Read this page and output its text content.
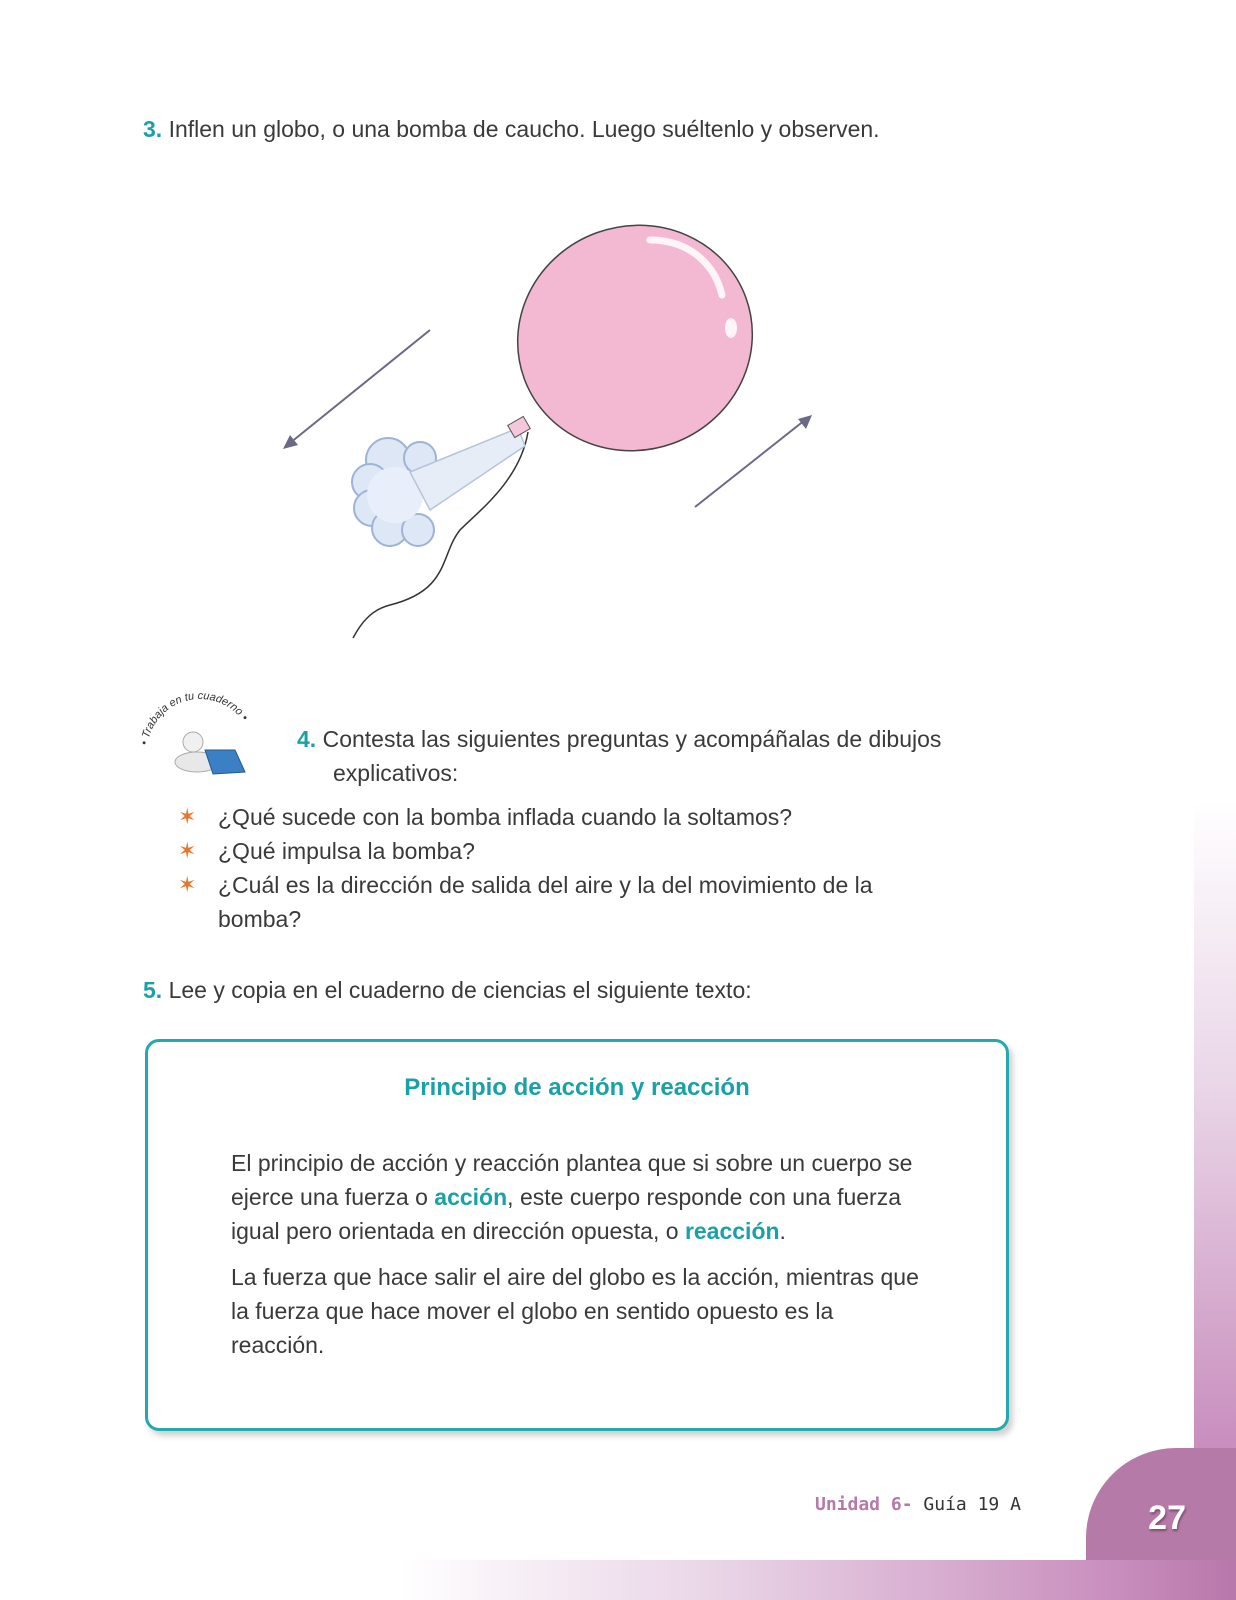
27
3. Inflen un globo, o una bomba de caucho. Luego suéltenlo y observen.
• Trabaja en tu cuaderno •
4. Contesta las siguientes preguntas y acompáñalas de dibujos
explicativos:
✶ ¿Qué sucede con la bomba inflada cuando la soltamos?
✶ ¿Qué impulsa la bomba?
✶ ¿Cuál es la dirección de salida del aire y la del movimiento de la bomba?
5. Lee y copia en el cuaderno de ciencias el siguiente texto:
Principio de acción y reacción

El principio de acción y reacción plantea que si sobre un cuerpo se ejerce una fuerza o acción, este cuerpo responde con una fuerza igual pero orientada en dirección opuesta, o reacción.

La fuerza que hace salir el aire del globo es la acción, mientras que la fuerza que hace mover el globo en sentido opuesto es la reacción.

Unidad 6- Guía 19 A
